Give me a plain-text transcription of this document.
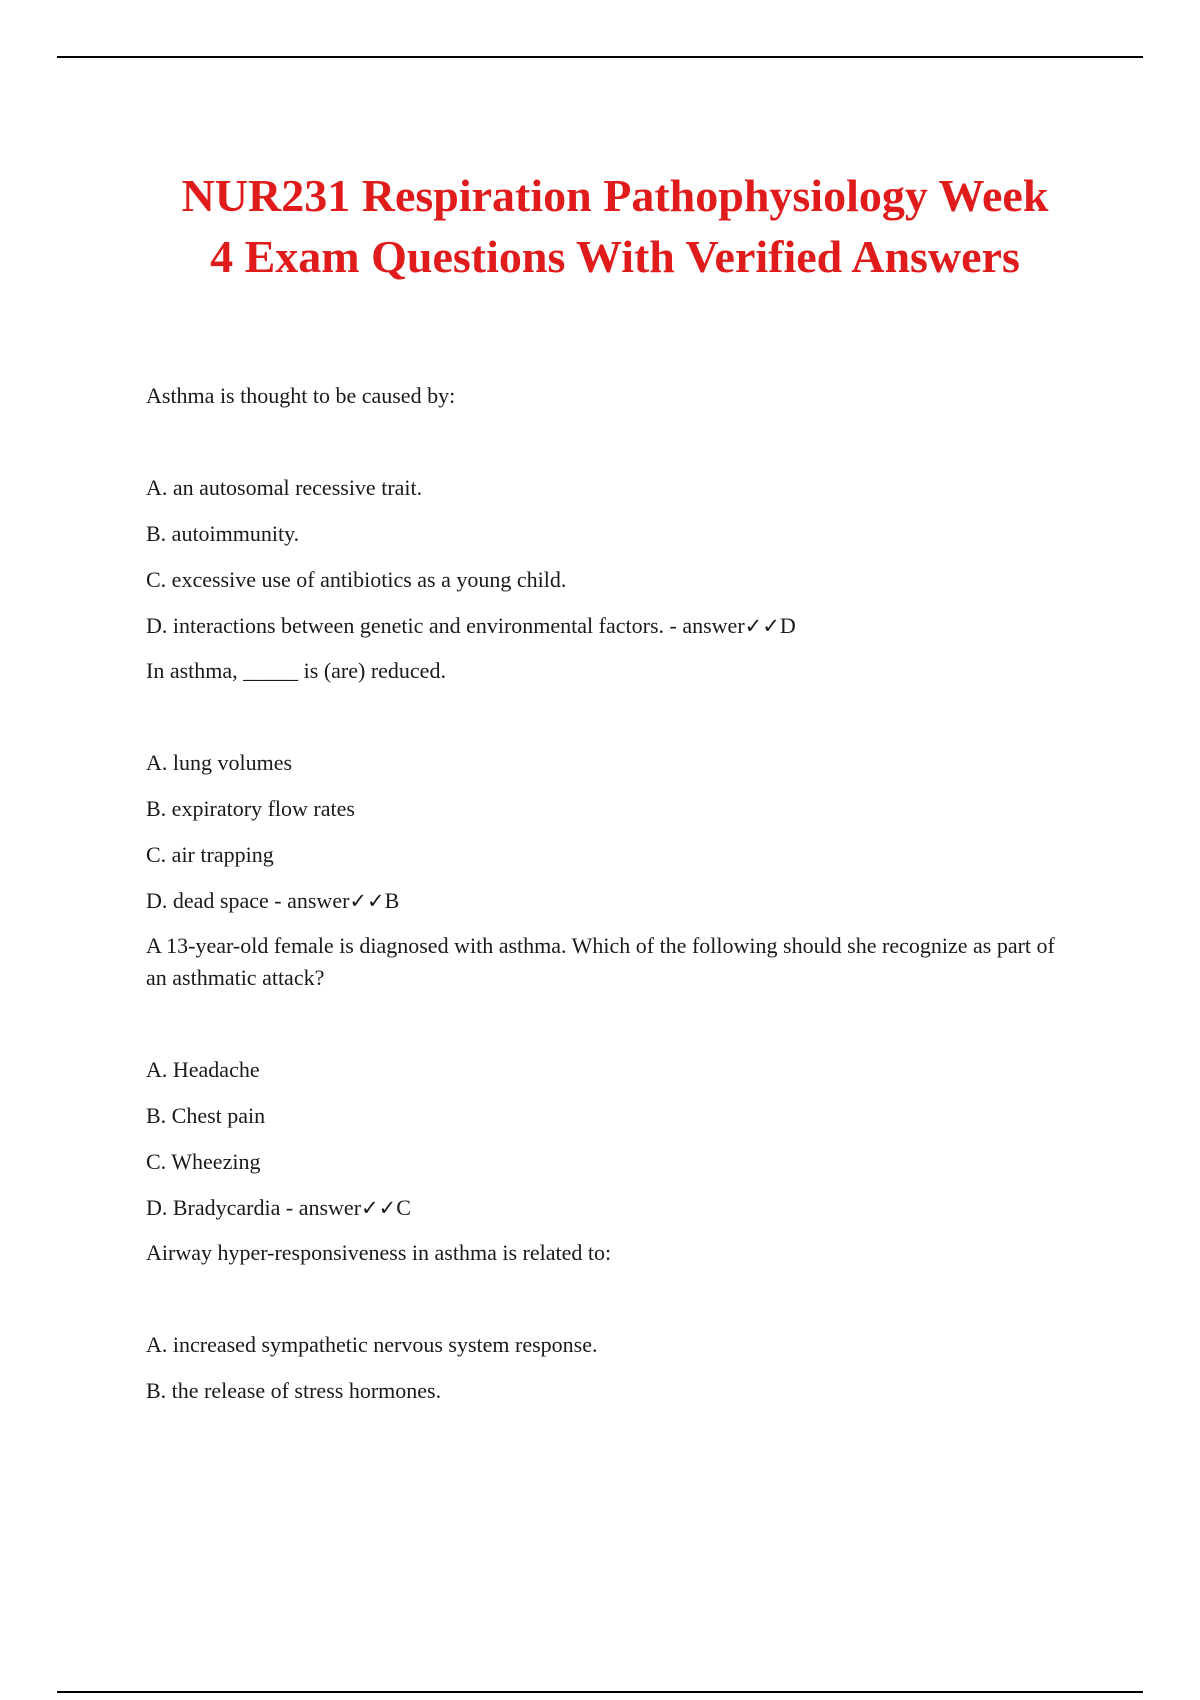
NUR231 Respiration Pathophysiology Week
4 Exam Questions With Verified Answers

Asthma is thought to be caused by:

A. an autosomal recessive trait.

B. autoimmunity.

C. excessive use of antibiotics as a young child.

D. interactions between genetic and environmental factors. - answer✓✓D

In asthma, _____ is (are) reduced.

A. lung volumes

B. expiratory flow rates

C. air trapping

D. dead space - answer✓✓B

A 13-year-old female is diagnosed with asthma. Which of the following should she recognize as part of an asthmatic attack?

A. Headache

B. Chest pain

C. Wheezing

D. Bradycardia - answer✓✓C

Airway hyper-responsiveness in asthma is related to:

A. increased sympathetic nervous system response.

B. the release of stress hormones.
